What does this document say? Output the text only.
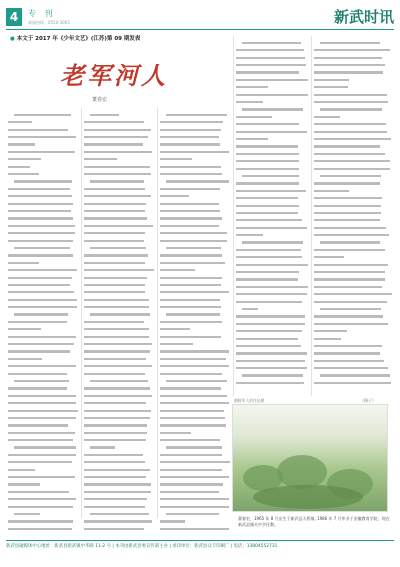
4	专 刊
新闻热线：0550-3003	新武时讯
● 本文于 2017 年《少年文艺》(江苏)第 09 期发表
老军河人
董春宏
朝鲜军人的作品照	（摄于）
董春宏，1965 年 8 月出生于新武县天桥镇, 1986 年 7 月毕业于安徽教育学院，现在新武县城关中学任教。
新武县融媒体中心地址：新武县新武镇中华路 11-2 号 | 本刊由新武县委宣传部主办 | 承印单位：新武县众丰印刷厂 | 电话：13804552731
